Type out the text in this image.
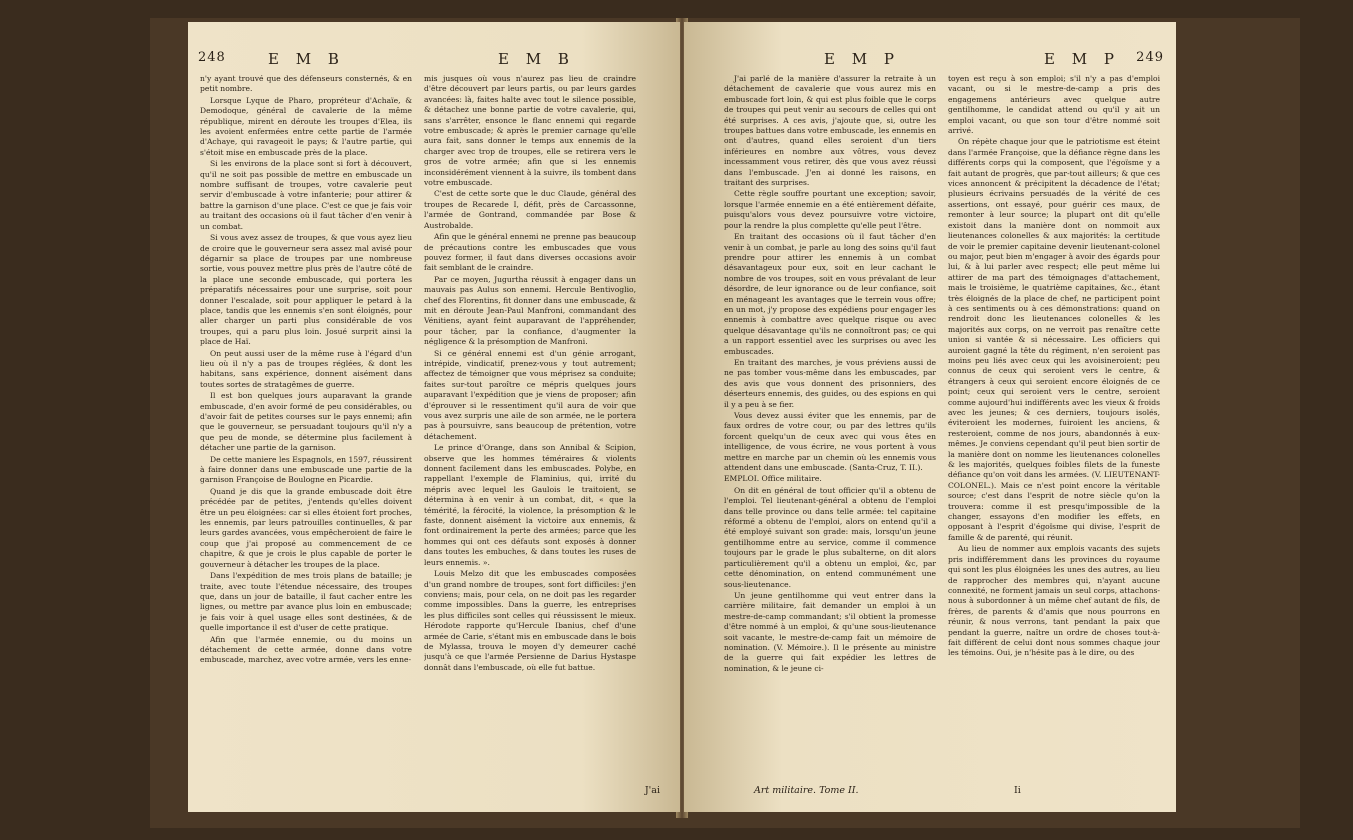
248	E M B	E M B

n'y ayant trouvé que des défenseurs consternés, & en petit nombre.

Lorsque Lyque de Pharo, propréteur d'Achaïe, & Demodoque, général de cavalerie de la même république, mirent en déroute les troupes d'Elea, ils les avoient enfermées entre cette partie de l'armée d'Achaye, qui ravageoit le pays; & l'autre partie, qui s'étoit mise en embuscade près de la place.

Si les environs de la place sont si fort à découvert, qu'il ne soit pas possible de mettre en embuscade un nombre suffisant de troupes, votre cavalerie peut servir d'embuscade à votre infanterie; pour attirer & battre la garnison d'une place. C'est ce que je fais voir au traitant des occasions où il faut tâcher d'en venir à un combat.

Si vous avez assez de troupes, & que vous ayez lieu de croire que le gouverneur sera assez mal avisé pour dégarnir sa place de troupes par une nombreuse sortie, vous pouvez mettre plus près de l'autre côté de la place une seconde embuscade, qui portera les préparatifs nécessaires pour une surprise, soit pour donner l'escalade, soit pour appliquer le petard à la place, tandis que les ennemis s'en sont éloignés, pour aller charger un parti plus considérable de vos troupes, qui a paru plus loin. Josué surprit ainsi la place de Haï.

On peut aussi user de la même ruse à l'égard d'un lieu où il n'y a pas de troupes réglées, & dont les habitans, sans expérience, donnent aisément dans toutes sortes de stratagêmes de guerre.

Il est bon quelques jours auparavant la grande embuscade, d'en avoir formé de peu considérables, ou d'avoir fait de petites courses sur le pays ennemi; afin que le gouverneur, se persuadant toujours qu'il n'y a que peu de monde, se détermine plus facilement à détacher une partie de la garnison.

De cette maniere les Espagnols, en 1597, réussirent à faire donner dans une embuscade une partie de la garnison Françoise de Boulogne en Picardie.

Quand je dis que la grande embuscade doit être précédée par de petites, j'entends qu'elles doivent être un peu éloignées: car si elles étoient fort proches, les ennemis, par leurs patrouilles continuelles, & par leurs gardes avancées, vous empêcheroient de faire le coup que j'ai proposé au commencement de ce chapitre, & que je crois le plus capable de porter le gouverneur à détacher les troupes de la place.

Dans l'expédition de mes trois plans de bataille; je traite, avec toute l'étendue nécessaire, des troupes que, dans un jour de bataille, il faut cacher entre les lignes, ou mettre par avance plus loin en embuscade; je fais voir à quel usage elles sont destinées, & de quelle importance il est d'user de cette pratique.

Afin que l'armée ennemie, ou du moins un détachement de cette armée, donne dans votre embuscade, marchez, avec votre armée, vers les enne-

mis jusques où vous n'aurez pas lieu de craindre d'être découvert par leurs partis, ou par leurs gardes avancées: là, faites halte avec tout le silence possible, & détachez une bonne partie de votre cavalerie, qui, sans s'arrêter, ensonce le flanc ennemi qui regarde votre embuscade; & après le premier carnage qu'elle aura fait, sans donner le temps aux ennemis de la charger avec trop de troupes, elle se retirera vers le gros de votre armée; afin que si les ennemis inconsidérément viennent à la suivre, ils tombent dans votre embuscade.

C'est de cette sorte que le duc Claude, général des troupes de Recarede I, défit, près de Carcassonne, l'armée de Gontrand, commandée par Bose & Austrobalde.

Afin que le général ennemi ne prenne pas beaucoup de précautions contre les embuscades que vous pouvez former, il faut dans diverses occasions avoir fait semblant de le craindre.

Par ce moyen, Jugurtha réussit à engager dans un mauvais pas Aulus son ennemi. Hercule Bentivoglio, chef des Florentins, fit donner dans une embuscade, & mit en déroute Jean-Paul Manfroni, commandant des Vénitiens, ayant feint auparavant de l'appréhender, pour tâcher, par la confiance, d'augmenter la négligence & la présomption de Manfroni.

Si ce général ennemi est d'un génie arrogant, intrépide, vindicatif, prenez-vous y tout autrement; affectez de témoigner que vous méprisez sa conduite; faites sur-tout paroître ce mépris quelques jours auparavant l'expédition que je viens de proposer; afin d'éprouver si le ressentiment qu'il aura de voir que vous avez surpris une aile de son armée, ne le portera pas à poursuivre, sans beaucoup de prétention, votre détachement.

Le prince d'Orange, dans son Annibal & Scipion, observe que les hommes téméraires & violents donnent facilement dans les embuscades. Polybe, en rappellant l'exemple de Flaminius, qui, irrité du mépris avec lequel les Gaulois le traitoient, se détermina à en venir à un combat, dit, « que la témérité, la férocité, la violence, la présomption & le faste, donnent aisément la victoire aux ennemis, & font ordinairement la perte des armées; parce que les hommes qui ont ces défauts sont exposés à donner dans toutes les embuches, & dans toutes les ruses de leurs ennemis. ».

Louis Melzo dit que les embuscades composées d'un grand nombre de troupes, sont fort difficiles: j'en conviens; mais, pour cela, on ne doit pas les regarder comme impossibles. Dans la guerre, les entreprises les plus difficiles sont celles qui réussissent le mieux. Hérodote rapporte qu'Hercule Ibanius, chef d'une armée de Carie, s'étant mis en embuscade dans le bois de Mylassa, trouva le moyen d'y demeurer caché jusqu'à ce que l'armée Persienne de Darius Hystaspe donnât dans l'embuscade, où elle fut battue.

J'ai
E M P	E M P 249

J'ai parlé de la manière d'assurer la retraite à un détachement de cavalerie que vous aurez mis en embuscade fort loin, & qui est plus foible que le corps de troupes qui peut venir au secours de celles qui ont été surprises. A ces avis, j'ajoute que, si, outre les troupes battues dans votre embuscade, les ennemis en ont d'autres, quand elles seroient d'un tiers inférieures en nombre aux vôtres, vous devez incessamment vous retirer, dès que vous avez réussi dans l'embuscade. J'en ai donné les raisons, en traitant des surprises.

Cette règle souffre pourtant une exception; savoir, lorsque l'armée ennemie en a été entièrement défaite, puisqu'alors vous devez poursuivre votre victoire, pour la rendre la plus complette qu'elle peut l'être.

En traitant des occasions où il faut tâcher d'en venir à un combat, je parle au long des soins qu'il faut prendre pour attirer les ennemis à un combat désavantageux pour eux, soit en leur cachant le nombre de vos troupes, soit en vous prévalant de leur désordre, de leur ignorance ou de leur confiance, soit en ménageant les avantages que le terrein vous offre; en un mot, j'y propose des expédiens pour engager les ennemis à combattre avec quelque risque ou avec quelque désavantage qu'ils ne connoîtront pas; ce qui a un rapport essentiel avec les surprises ou avec les embuscades.

En traitant des marches, je vous préviens aussi de ne pas tomber vous-même dans les embuscades, par des avis que vous donnent des prisonniers, des déserteurs ennemis, des guides, ou des espions en qui il y a peu à se fier.

Vous devez aussi éviter que les ennemis, par de faux ordres de votre cour, ou par des lettres qu'ils forcent quelqu'un de ceux avec qui vous êtes en intelligence, de vous écrire, ne vous portent à vous mettre en marche par un chemin où les ennemis vous attendent dans une embuscade. (Santa-Cruz, T. II.).

EMPLOI. Office militaire.

On dit en général de tout officier qu'il a obtenu de l'emploi. Tel lieutenant-général a obtenu de l'emploi dans telle province ou dans telle armée: tel capitaine réformé a obtenu de l'emploi, alors on entend qu'il a été employé suivant son grade: mais, lorsqu'un jeune gentilhomme entre au service, comme il commence toujours par le grade le plus subalterne, on dit alors particulièrement qu'il a obtenu un emploi, &c, par cette dénomination, on entend communément une sous-lieutenance.

Un jeune gentilhomme qui veut entrer dans la carrière militaire, fait demander un emploi à un mestre-de-camp commandant; s'il obtient la promesse d'être nommé à un emploi, & qu'une sous-lieutenance soit vacante, le mestre-de-camp fait un mémoire de nomination. (V. Mémoire.). Il le présente au ministre de la guerre qui fait expédier les lettres de nomination, & le jeune ci-

toyen est reçu à son emploi; s'il n'y a pas d'emploi vacant, ou si le mestre-de-camp a pris des engagemens antérieurs avec quelque autre gentilhomme, le candidat attend ou qu'il y ait un emploi vacant, ou que son tour d'être nommé soit arrivé.

On répète chaque jour que le patriotisme est éteint dans l'armée Françoise, que la défiance règne dans les différents corps qui la composent, que l'égoïsme y a fait autant de progrès, que par-tout ailleurs; & que ces vices annoncent & précipitent la décadence de l'état; plusieurs écrivains persuadés de la vérité de ces assertions, ont essayé, pour guérir ces maux, de remonter à leur source; la plupart ont dit qu'elle existoit dans la manière dont on nommoit aux lieutenances colonelles & aux majorités: la certitude de voir le premier capitaine devenir lieutenant-colonel ou major, peut bien m'engager à avoir des égards pour lui, & à lui parler avec respect; elle peut même lui attirer de ma part des témoignages d'attachement, mais le troisième, le quatrième capitaines, &c., étant très éloignés de la place de chef, ne participent point à ces sentiments ou à ces démonstrations: quand on rendroit donc les lieutenances colonelles & les majorités aux corps, on ne verroit pas renaître cette union si vantée & si nécessaire. Les officiers qui auroient gagné la tête du régiment, n'en seroient pas moins peu liés avec ceux qui les avoisineroient; peu connus de ceux qui seroient vers le centre, & étrangers à ceux qui seroient encore éloignés de ce point; ceux qui seroient vers le centre, seroient comme aujourd'hui indifférents avec les vieux & froids avec les jeunes; & ces derniers, toujours isolés, éviteroient les modernes, fuiroient les anciens, & resteroient, comme de nos jours, abandonnés à eux-mêmes. Je conviens cependant qu'il peut bien sortir de la manière dont on nomme les lieutenances colonelles & les majorités, quelques foibles filets de la funeste défiance qu'on voit dans les armées. (V. LIEUTENANT-COLONEL.). Mais ce n'est point encore la véritable source; c'est dans l'esprit de notre siècle qu'on la trouvera: comme il est presqu'impossible de la changer, essayons d'en modifier les effets, en opposant à l'esprit d'égoïsme qui divise, l'esprit de famille & de parenté, qui réunit.

Au lieu de nommer aux emplois vacants des sujets pris indifféremment dans les provinces du royaume qui sont les plus éloignées les unes des autres, au lieu de rapprocher des membres qui, n'ayant aucune connexité, ne forment jamais un seul corps, attachons-nous à subordonner à un même chef autant de fils, de frères, de parents & d'amis que nous pourrons en réunir, & nous verrons, tant pendant la paix que pendant la guerre, naître un ordre de choses tout-à-fait différent de celui dont nous sommes chaque jour les témoins. Oui, je n'hésite pas à le dire, ou des

Art militaire. Tome II.	Ii
